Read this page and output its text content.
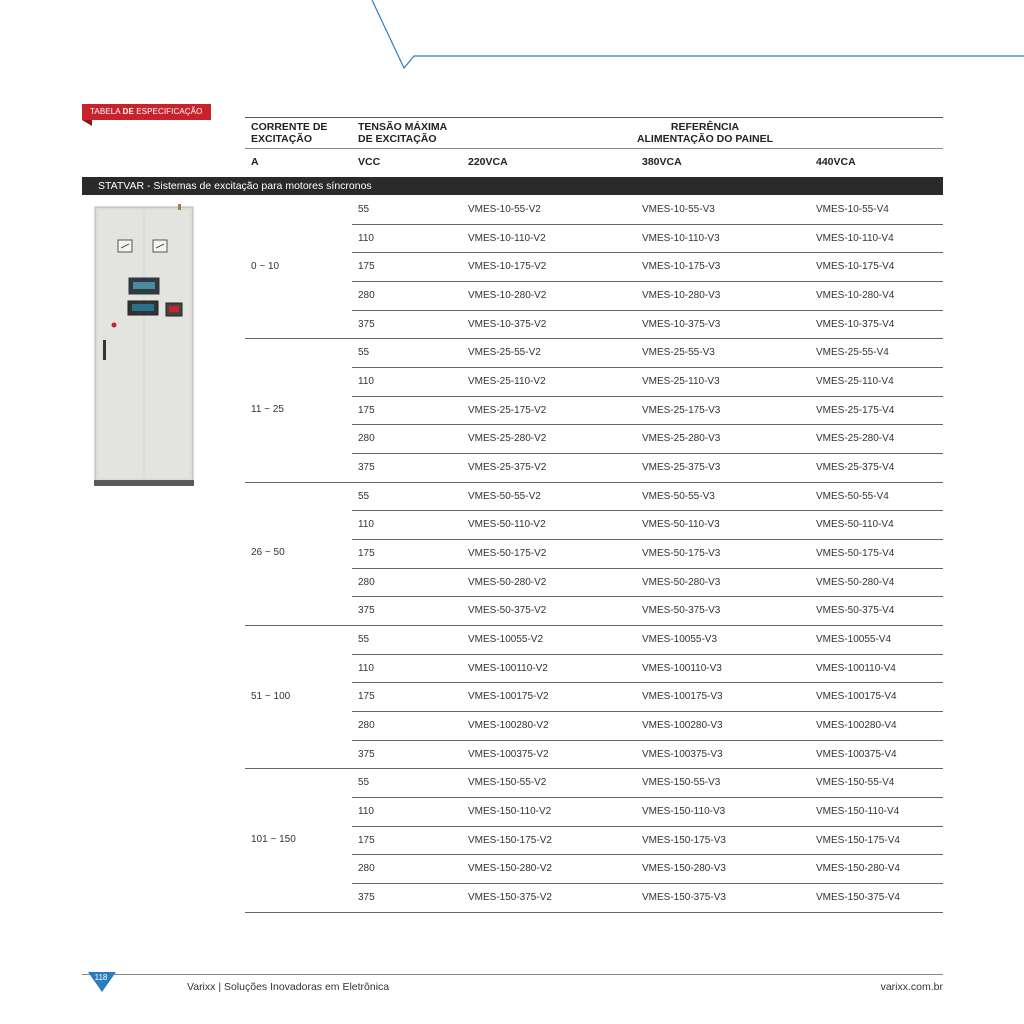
TABELA DE ESPECIFICAÇÃO
CORRENTE DE
EXCITAÇÃO
TENSÃO MÁXIMA
DE EXCITAÇÃO
REFERÊNCIA
ALIMENTAÇÃO DO PAINEL
A	VCC	220VCA	380VCA	440VCA
STATVAR - Sistemas de excitação para motores síncronos
0 ~ 10
55	VMES-10-55-V2	VMES-10-55-V3	VMES-10-55-V4
110	VMES-10-110-V2	VMES-10-110-V3	VMES-10-110-V4
175	VMES-10-175-V2	VMES-10-175-V3	VMES-10-175-V4
280	VMES-10-280-V2	VMES-10-280-V3	VMES-10-280-V4
375	VMES-10-375-V2	VMES-10-375-V3	VMES-10-375-V4
11 ~ 25
55	VMES-25-55-V2	VMES-25-55-V3	VMES-25-55-V4
110	VMES-25-110-V2	VMES-25-110-V3	VMES-25-110-V4
175	VMES-25-175-V2	VMES-25-175-V3	VMES-25-175-V4
280	VMES-25-280-V2	VMES-25-280-V3	VMES-25-280-V4
375	VMES-25-375-V2	VMES-25-375-V3	VMES-25-375-V4
26 ~ 50
55	VMES-50-55-V2	VMES-50-55-V3	VMES-50-55-V4
110	VMES-50-110-V2	VMES-50-110-V3	VMES-50-110-V4
175	VMES-50-175-V2	VMES-50-175-V3	VMES-50-175-V4
280	VMES-50-280-V2	VMES-50-280-V3	VMES-50-280-V4
375	VMES-50-375-V2	VMES-50-375-V3	VMES-50-375-V4
51 ~ 100
55	VMES-10055-V2	VMES-10055-V3	VMES-10055-V4
110	VMES-100110-V2	VMES-100110-V3	VMES-100110-V4
175	VMES-100175-V2	VMES-100175-V3	VMES-100175-V4
280	VMES-100280-V2	VMES-100280-V3	VMES-100280-V4
375	VMES-100375-V2	VMES-100375-V3	VMES-100375-V4
101 ~ 150
55	VMES-150-55-V2	VMES-150-55-V3	VMES-150-55-V4
110	VMES-150-110-V2	VMES-150-110-V3	VMES-150-110-V4
175	VMES-150-175-V2	VMES-150-175-V3	VMES-150-175-V4
280	VMES-150-280-V2	VMES-150-280-V3	VMES-150-280-V4
375	VMES-150-375-V2	VMES-150-375-V3	VMES-150-375-V4
118
Varixx | Soluções Inovadoras em Eletrônica	varixx.com.br
